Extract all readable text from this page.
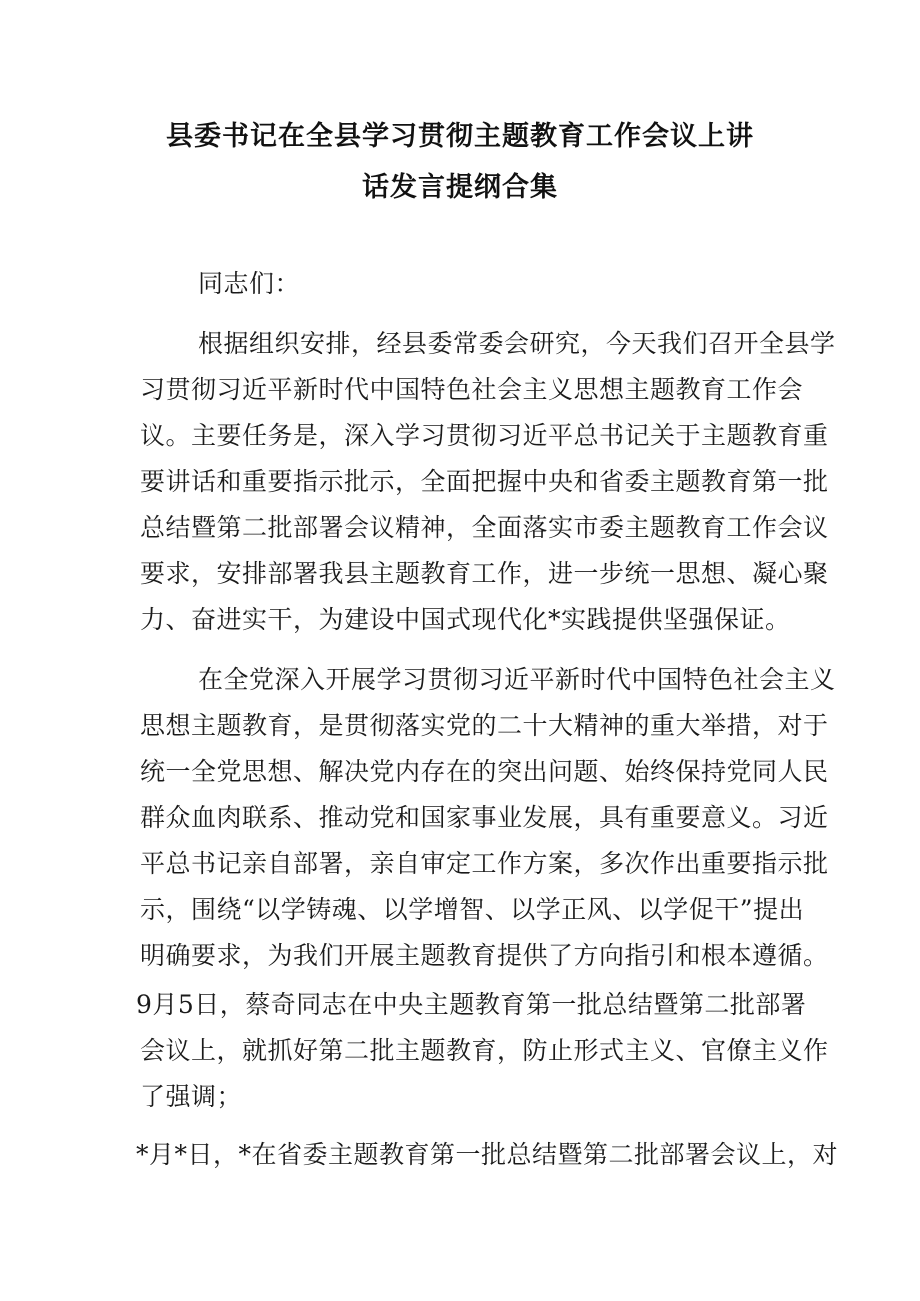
县委书记在全县学习贯彻主题教育工作会议上讲
话发言提纲合集

同志们：

根据组织安排，经县委常委会研究，今天我们召开全县学

习贯彻习近平新时代中国特色社会主义思想主题教育工作会

议。主要任务是，深入学习贯彻习近平总书记关于主题教育重

要讲话和重要指示批示，全面把握中央和省委主题教育第一批

总结暨第二批部署会议精神，全面落实市委主题教育工作会议

要求，安排部署我县主题教育工作，进一步统一思想、凝心聚

力、奋进实干，为建设中国式现代化*实践提供坚强保证。

在全党深入开展学习贯彻习近平新时代中国特色社会主义

思想主题教育，是贯彻落实党的二十大精神的重大举措，对于

统一全党思想、解决党内存在的突出问题、始终保持党同人民

群众血肉联系、推动党和国家事业发展，具有重要意义。习近

平总书记亲自部署，亲自审定工作方案，多次作出重要指示批

示，围绕“以学铸魂、以学增智、以学正风、以学促干”提出

明确要求，为我们开展主题教育提供了方向指引和根本遵循。

9月5日，蔡奇同志在中央主题教育第一批总结暨第二批部署

会议上，就抓好第二批主题教育，防止形式主义、官僚主义作

了强调；

*月*日，*在省委主题教育第一批总结暨第二批部署会议上，对
